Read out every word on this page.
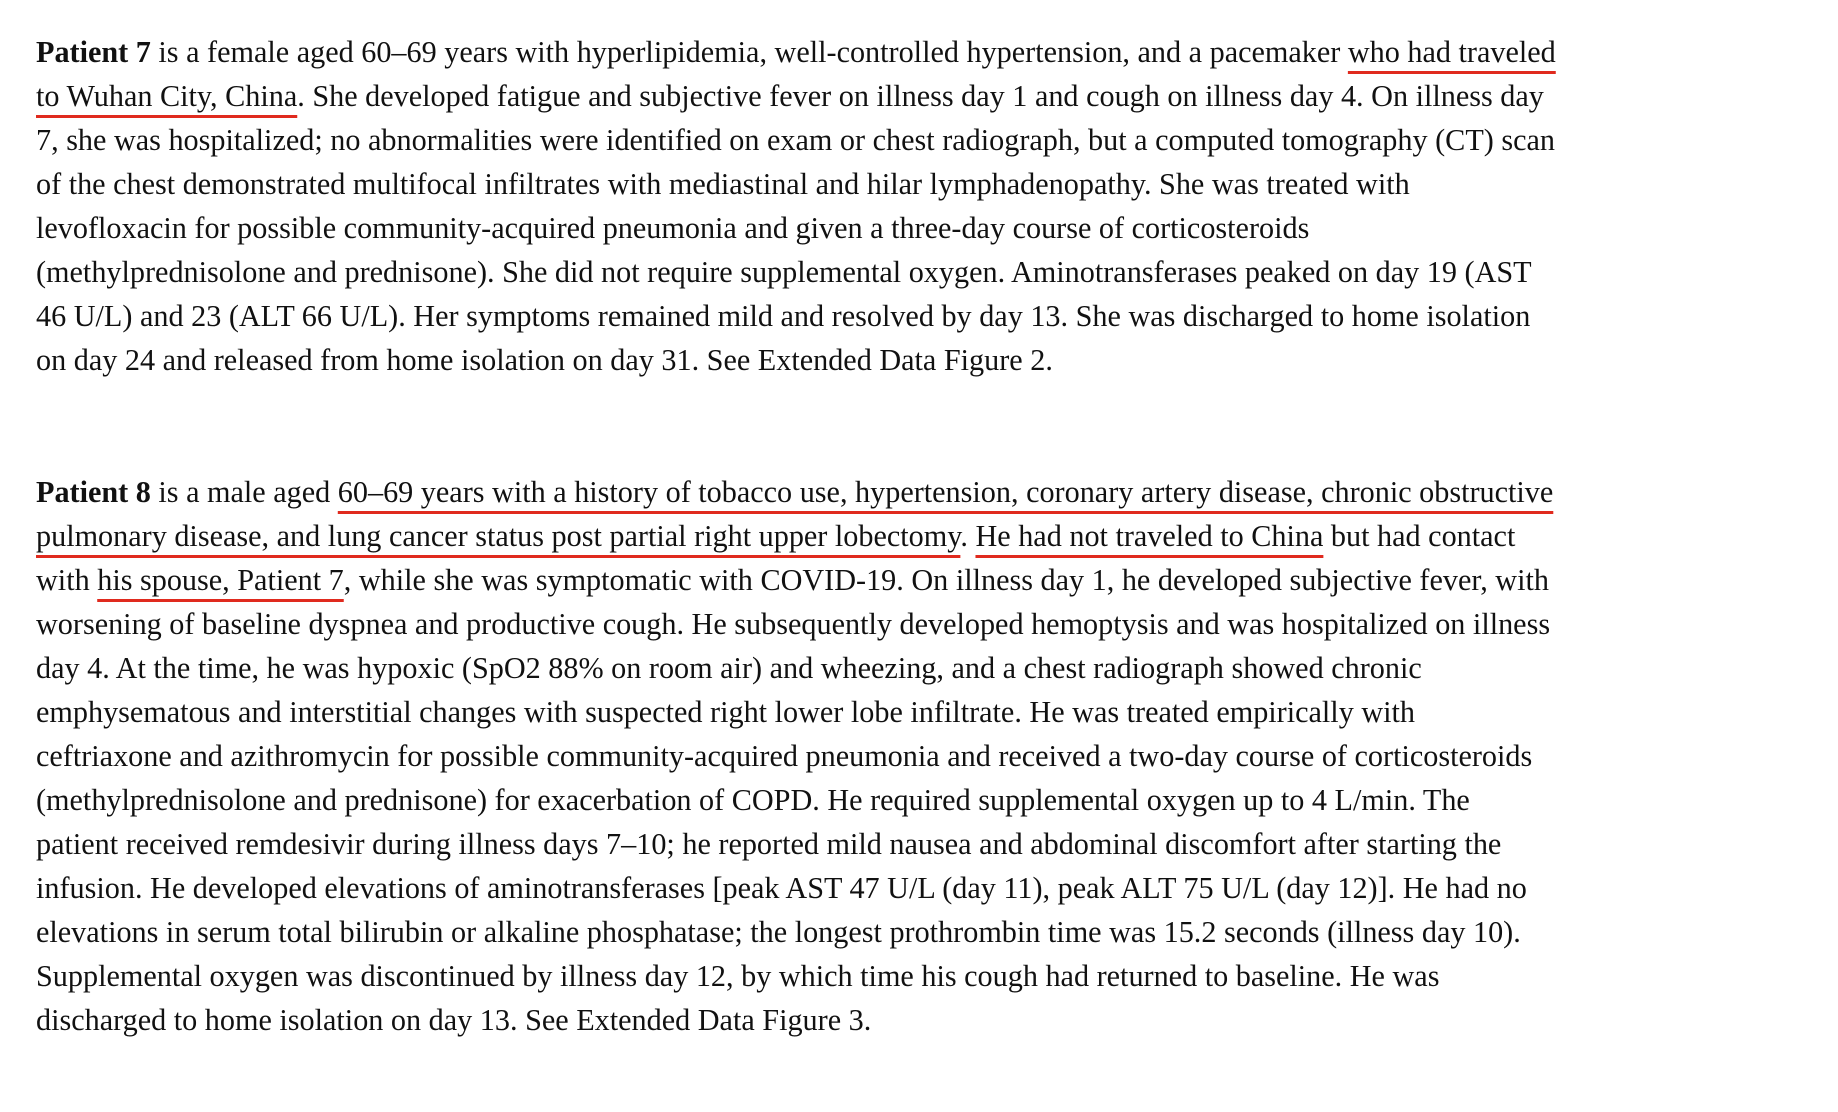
Patient 7 is a female aged 60–69 years with hyperlipidemia, well-controlled hypertension, and a pacemaker who had traveled
to Wuhan City, China. She developed fatigue and subjective fever on illness day 1 and cough on illness day 4. On illness day
7, she was hospitalized; no abnormalities were identified on exam or chest radiograph, but a computed tomography (CT) scan
of the chest demonstrated multifocal infiltrates with mediastinal and hilar lymphadenopathy. She was treated with
levofloxacin for possible community-acquired pneumonia and given a three-day course of corticosteroids
(methylprednisolone and prednisone). She did not require supplemental oxygen. Aminotransferases peaked on day 19 (AST
46 U/L) and 23 (ALT 66 U/L). Her symptoms remained mild and resolved by day 13. She was discharged to home isolation
on day 24 and released from home isolation on day 31. See Extended Data Figure 2.

Patient 8 is a male aged 60–69 years with a history of tobacco use, hypertension, coronary artery disease, chronic obstructive
pulmonary disease, and lung cancer status post partial right upper lobectomy. He had not traveled to China but had contact
with his spouse, Patient 7, while she was symptomatic with COVID-19. On illness day 1, he developed subjective fever, with
worsening of baseline dyspnea and productive cough. He subsequently developed hemoptysis and was hospitalized on illness
day 4. At the time, he was hypoxic (SpO2 88% on room air) and wheezing, and a chest radiograph showed chronic
emphysematous and interstitial changes with suspected right lower lobe infiltrate. He was treated empirically with
ceftriaxone and azithromycin for possible community-acquired pneumonia and received a two-day course of corticosteroids
(methylprednisolone and prednisone) for exacerbation of COPD. He required supplemental oxygen up to 4 L/min. The
patient received remdesivir during illness days 7–10; he reported mild nausea and abdominal discomfort after starting the
infusion. He developed elevations of aminotransferases [peak AST 47 U/L (day 11), peak ALT 75 U/L (day 12)]. He had no
elevations in serum total bilirubin or alkaline phosphatase; the longest prothrombin time was 15.2 seconds (illness day 10).
Supplemental oxygen was discontinued by illness day 12, by which time his cough had returned to baseline. He was
discharged to home isolation on day 13. See Extended Data Figure 3.
